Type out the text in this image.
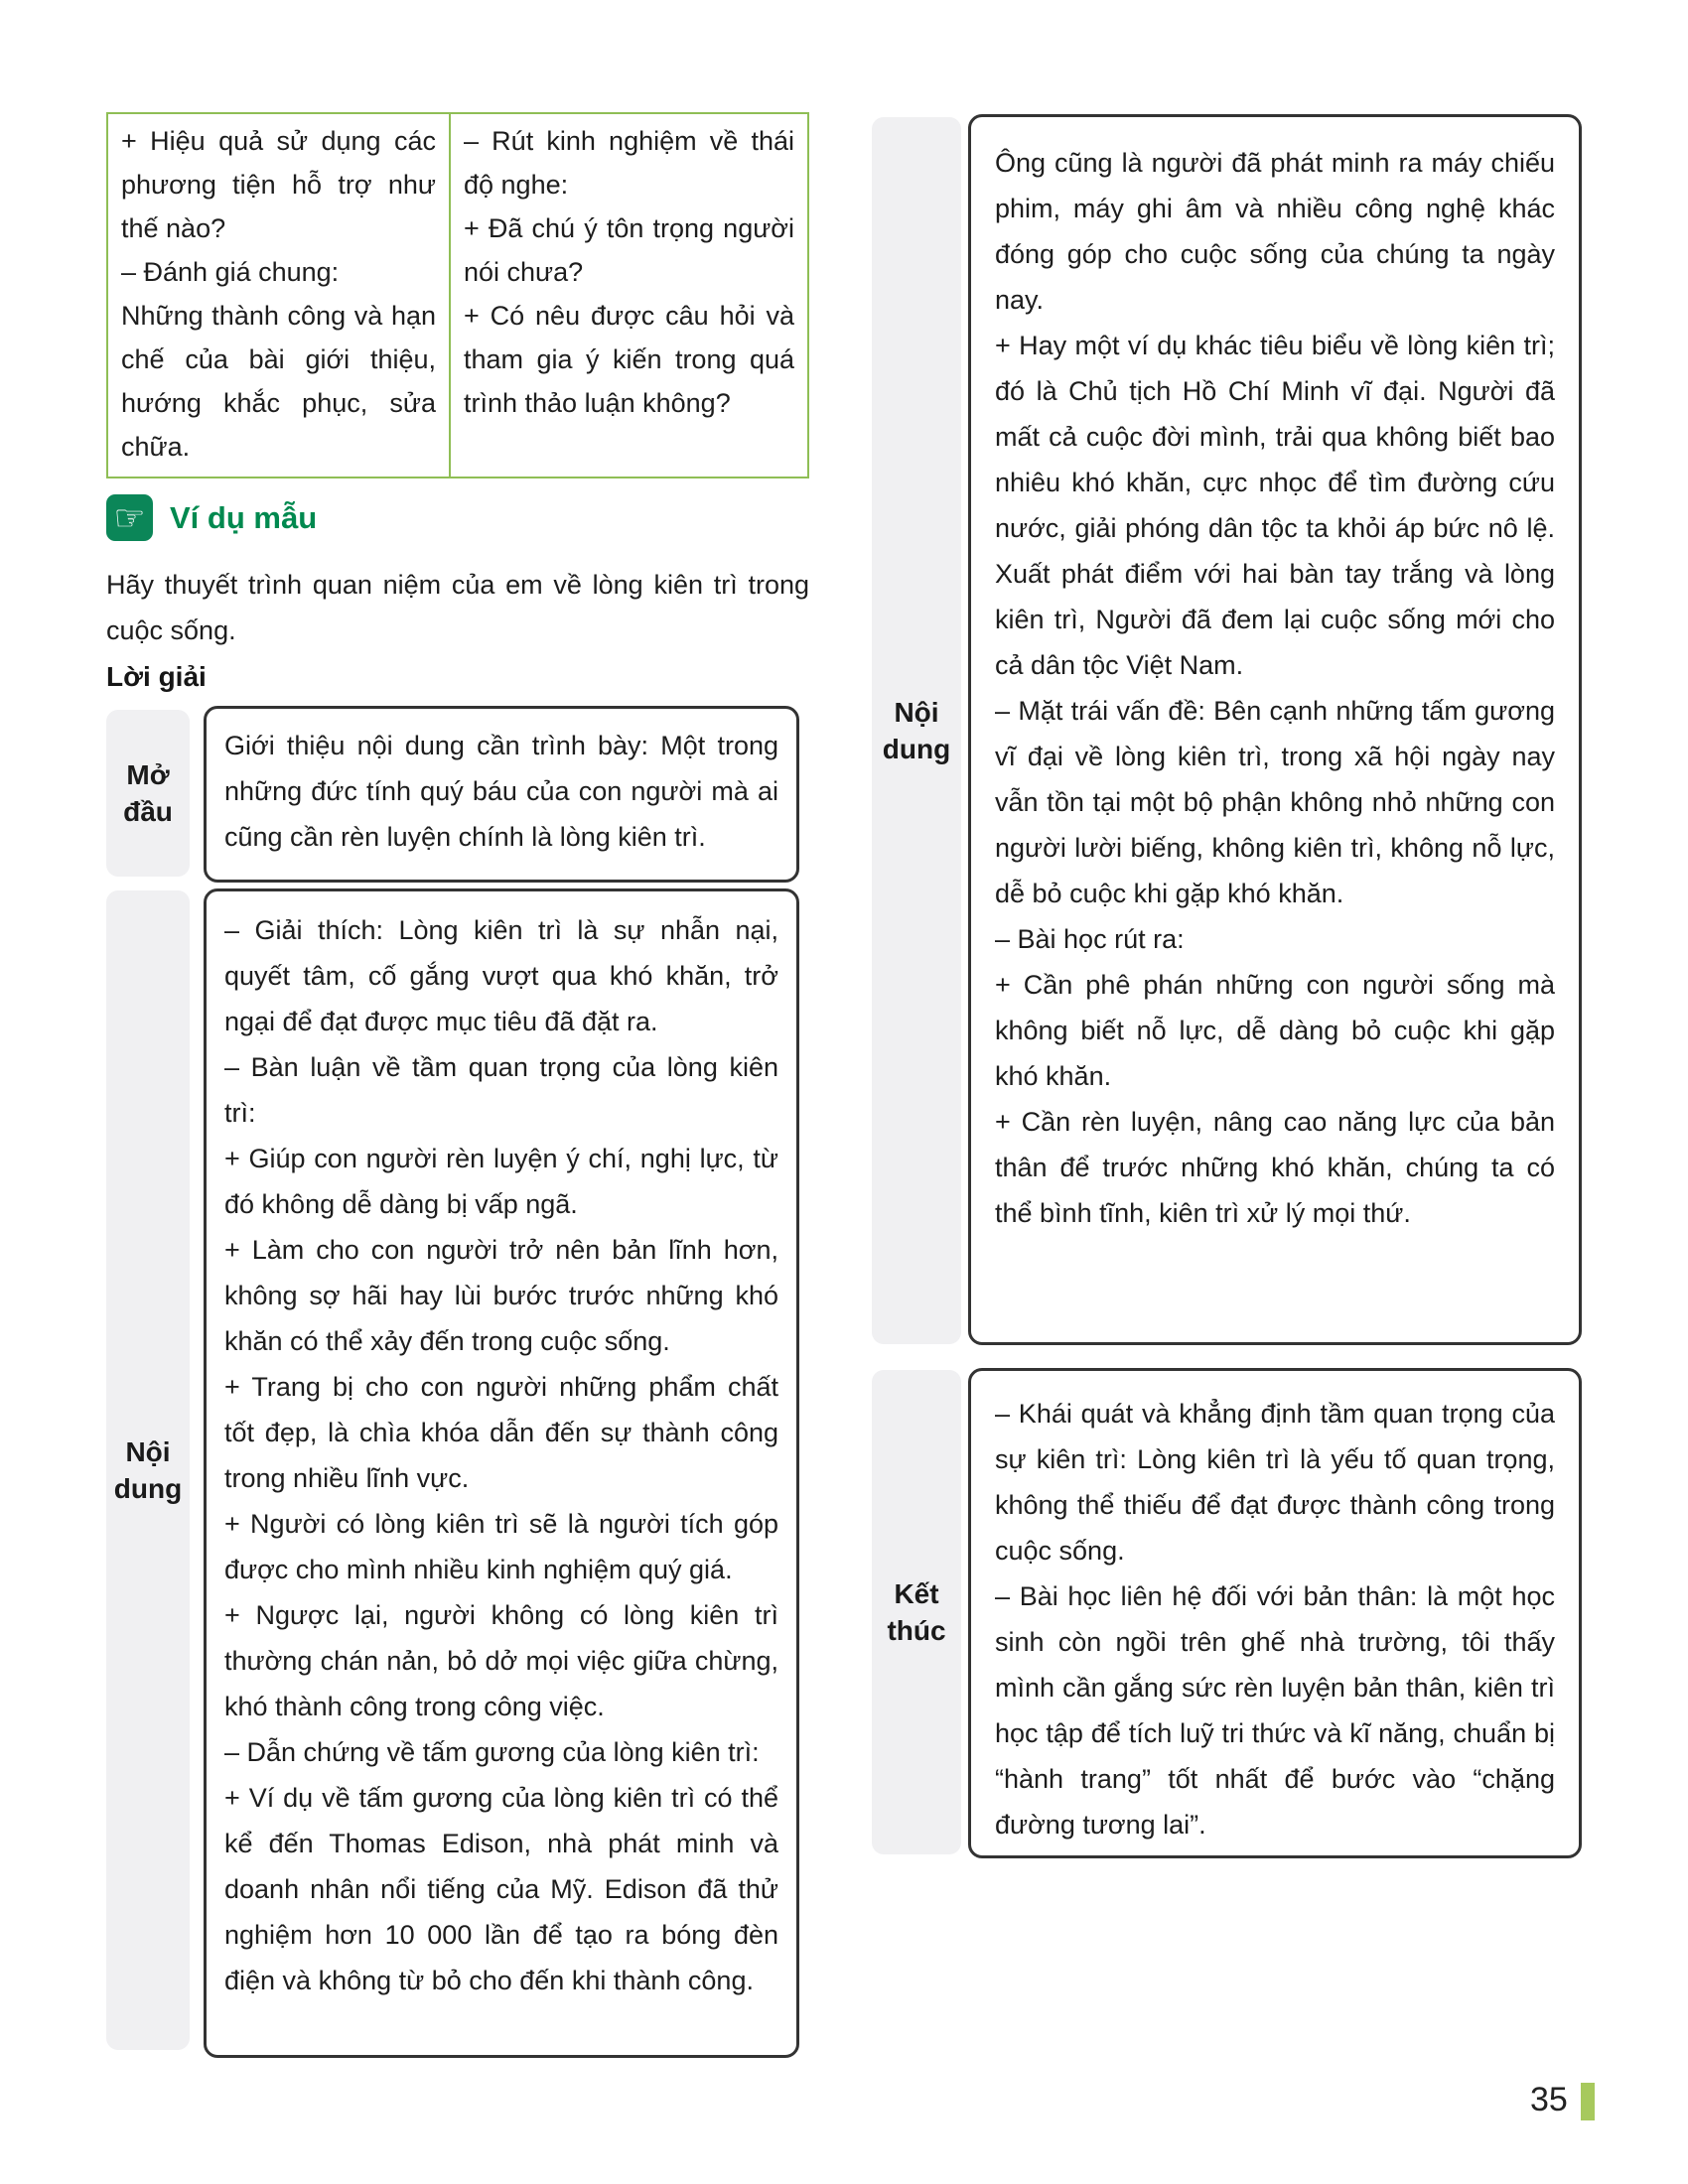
+ Hiệu quả sử dụng các phương tiện hỗ trợ như thế nào?

– Đánh giá chung:

Những thành công và hạn chế của bài giới thiệu, hướng khắc phục, sửa chữa.

– Rút kinh nghiệm về thái độ nghe:

+ Đã chú ý tôn trọng người nói chưa?

+ Có nêu được câu hỏi và tham gia ý kiến trong quá trình thảo luận không?

☞ Ví dụ mẫu
Hãy thuyết trình quan niệm của em về lòng kiên trì trong cuộc sống.
Lời giải
Mở đầu

Giới thiệu nội dung cần trình bày: Một trong những đức tính quý báu của con người mà ai cũng cần rèn luyện chính là lòng kiên trì.

Nội dung

– Giải thích: Lòng kiên trì là sự nhẫn nại, quyết tâm, cố gắng vượt qua khó khăn, trở ngại để đạt được mục tiêu đã đặt ra.

– Bàn luận về tầm quan trọng của lòng kiên trì:

+ Giúp con người rèn luyện ý chí, nghị lực, từ đó không dễ dàng bị vấp ngã.

+ Làm cho con người trở nên bản lĩnh hơn, không sợ hãi hay lùi bước trước những khó khăn có thể xảy đến trong cuộc sống.

+ Trang bị cho con người những phẩm chất tốt đẹp, là chìa khóa dẫn đến sự thành công trong nhiều lĩnh vực.

+ Người có lòng kiên trì sẽ là người tích góp được cho mình nhiều kinh nghiệm quý giá.

+ Ngược lại, người không có lòng kiên trì thường chán nản, bỏ dở mọi việc giữa chừng, khó thành công trong công việc.

– Dẫn chứng về tấm gương của lòng kiên trì:

+ Ví dụ về tấm gương của lòng kiên trì có thể kể đến Thomas Edison, nhà phát minh và doanh nhân nổi tiếng của Mỹ. Edison đã thử nghiệm hơn 10 000 lần để tạo ra bóng đèn điện và không từ bỏ cho đến khi thành công.

Nội dung

Ông cũng là người đã phát minh ra máy chiếu phim, máy ghi âm và nhiều công nghệ khác đóng góp cho cuộc sống của chúng ta ngày nay.

+ Hay một ví dụ khác tiêu biểu về lòng kiên trì; đó là Chủ tịch Hồ Chí Minh vĩ đại. Người đã mất cả cuộc đời mình, trải qua không biết bao nhiêu khó khăn, cực nhọc để tìm đường cứu nước, giải phóng dân tộc ta khỏi áp bức nô lệ. Xuất phát điểm với hai bàn tay trắng và lòng kiên trì, Người đã đem lại cuộc sống mới cho cả dân tộc Việt Nam.

– Mặt trái vấn đề: Bên cạnh những tấm gương vĩ đại về lòng kiên trì, trong xã hội ngày nay vẫn tồn tại một bộ phận không nhỏ những con người lười biếng, không kiên trì, không nỗ lực, dễ bỏ cuộc khi gặp khó khăn.

– Bài học rút ra:

+ Cần phê phán những con người sống mà không biết nỗ lực, dễ dàng bỏ cuộc khi gặp khó khăn.

+ Cần rèn luyện, nâng cao năng lực của bản thân để trước những khó khăn, chúng ta có thể bình tĩnh, kiên trì xử lý mọi thứ.

Kết thúc

– Khái quát và khẳng định tầm quan trọng của sự kiên trì: Lòng kiên trì là yếu tố quan trọng, không thể thiếu để đạt được thành công trong cuộc sống.

– Bài học liên hệ đối với bản thân: là một học sinh còn ngồi trên ghế nhà trường, tôi thấy mình cần gắng sức rèn luyện bản thân, kiên trì học tập để tích luỹ tri thức và kĩ năng, chuẩn bị “hành trang” tốt nhất để bước vào “chặng đường tương lai”.

35
